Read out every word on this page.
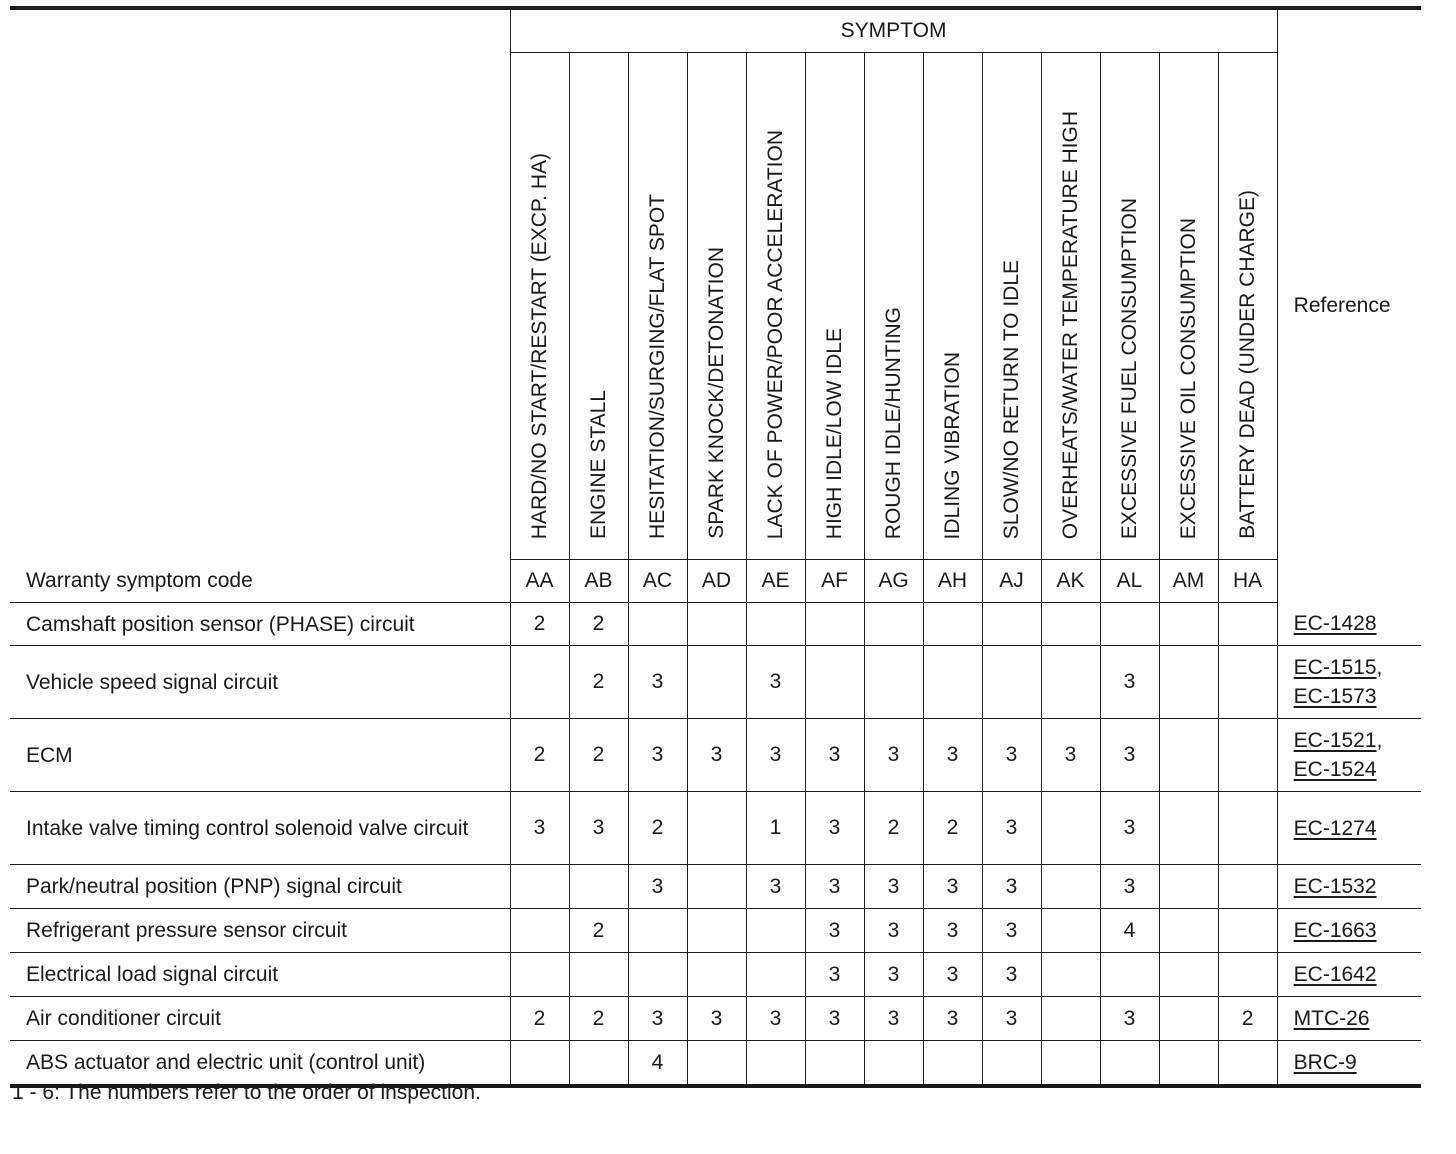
	SYMPTOM													Reference
	HARD/NO START/RESTART (EXCP. HA)	ENGINE STALL	HESITATION/SURGING/FLAT SPOT	SPARK KNOCK/DETONATION	LACK OF POWER/POOR ACCELERATION	HIGH IDLE/LOW IDLE	ROUGH IDLE/HUNTING	IDLING VIBRATION	SLOW/NO RETURN TO IDLE	OVERHEATS/WATER TEMPERATURE HIGH	EXCESSIVE FUEL CONSUMPTION	EXCESSIVE OIL CONSUMPTION	BATTERY DEAD (UNDER CHARGE)	
Warranty symptom code	AA	AB	AC	AD	AE	AF	AG	AH	AJ	AK	AL	AM	HA	
Camshaft position sensor (PHASE) circuit	2	2												EC-1428
Vehicle speed signal circuit		2	3		3						3			EC-1515,
EC-1573
ECM	2	2	3	3	3	3	3	3	3	3	3			EC-1521,
EC-1524
Intake valve timing control solenoid valve circuit	3	3	2		1	3	2	2	3		3			EC-1274
Park/neutral position (PNP) signal circuit			3		3	3	3	3	3		3			EC-1532
Refrigerant pressure sensor circuit		2				3	3	3	3		4			EC-1663
Electrical load signal circuit						3	3	3	3					EC-1642
Air conditioner circuit	2	2	3	3	3	3	3	3	3		3		2	MTC-26
ABS actuator and electric unit (control unit)			4											BRC-9
1 - 6: The numbers refer to the order of inspection.
